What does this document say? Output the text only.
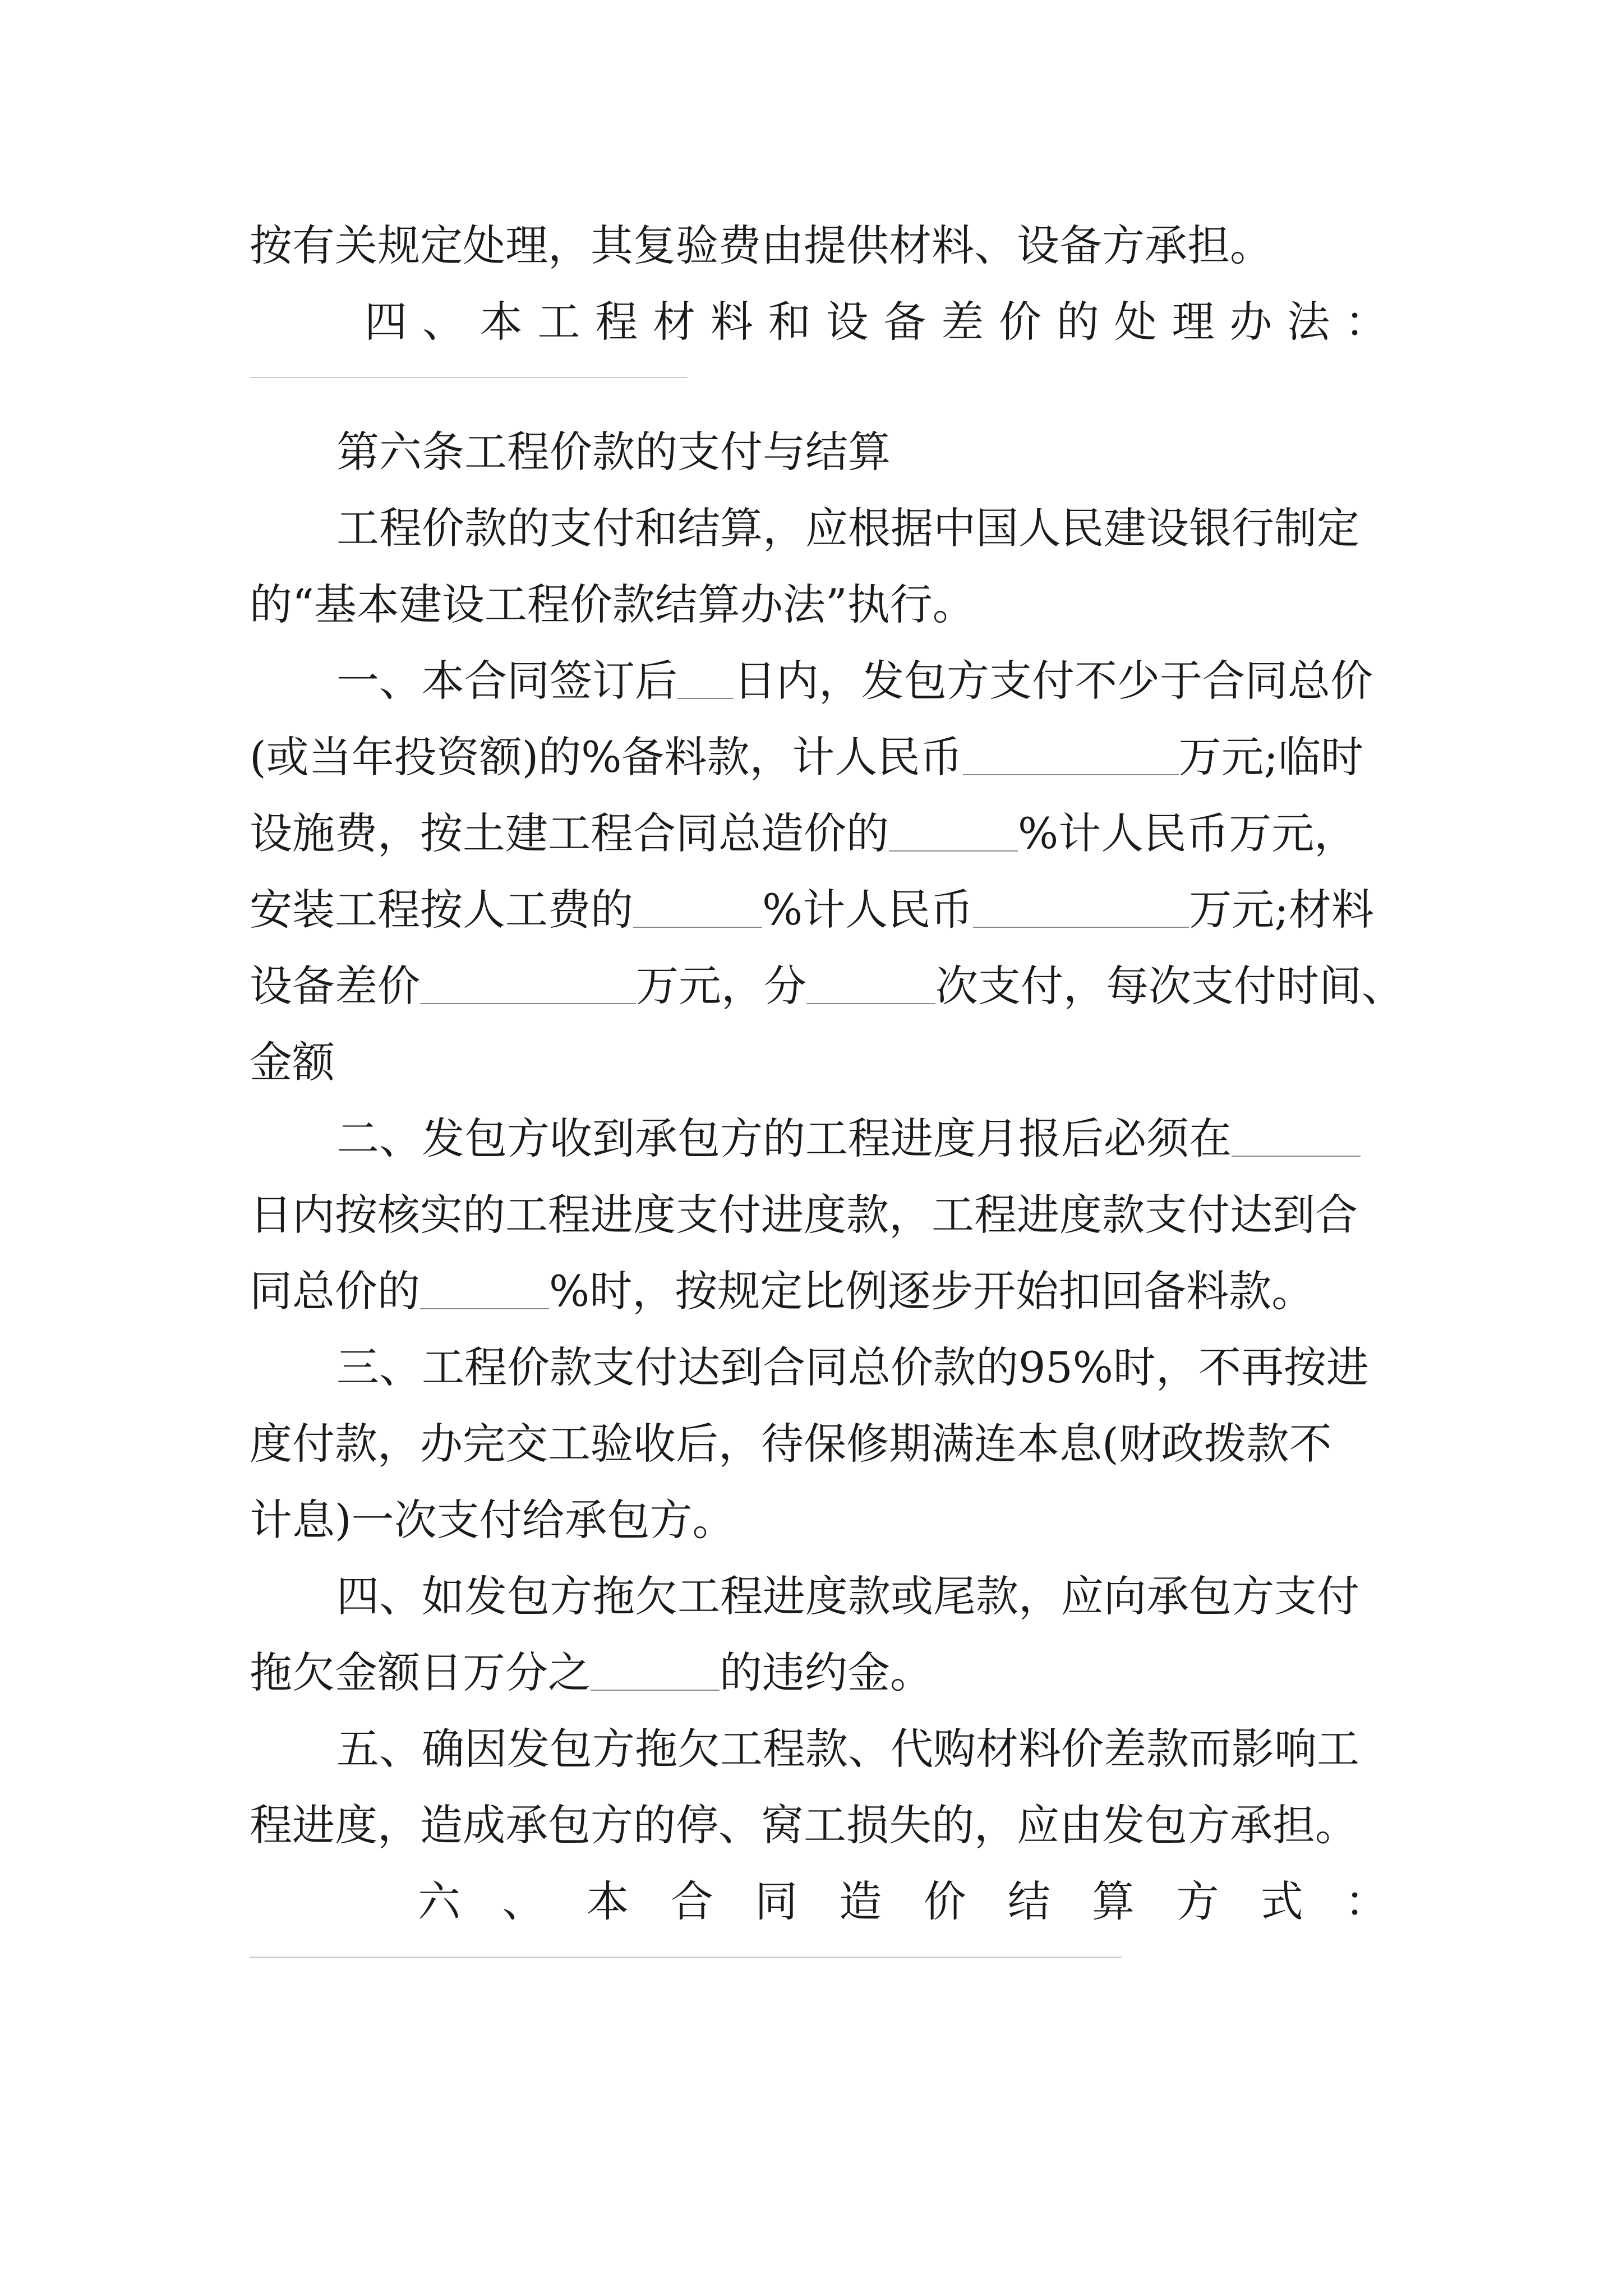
按有关规定处理，其复验费由提供材料、设备方承担。
四、本工程材料和设备差价的处理办法：
第六条工程价款的支付与结算
工程价款的支付和结算，应根据中国人民建设银行制定
的“基本建设工程价款结算办法”执行。
一、本合同签订后 日内，发包方支付不少于合同总价
(或当年投资额)的%备料款，计人民币	万元;临时
设施费，按土建工程合同总造价的	%计人民币万元，
安装工程按人工费的	%计人民币	万元;材料
设备差价	万元，分	次支付，每次支付时间、
金额
二、发包方收到承包方的工程进度月报后必须在
日内按核实的工程进度支付进度款，工程进度款支付达到合
同总价的	%时，按规定比例逐步开始扣回备料款。
三、工程价款支付达到合同总价款的95%时，不再按进
度付款，办完交工验收后，待保修期满连本息(财政拨款不
计息)一次支付给承包方。
四、如发包方拖欠工程进度款或尾款，应向承包方支付
拖欠金额日万分之	的违约金。
五、确因发包方拖欠工程款、代购材料价差款而影响工
程进度，造成承包方的停、窝工损失的，应由发包方承担。
六、本合同造价结算方式：
